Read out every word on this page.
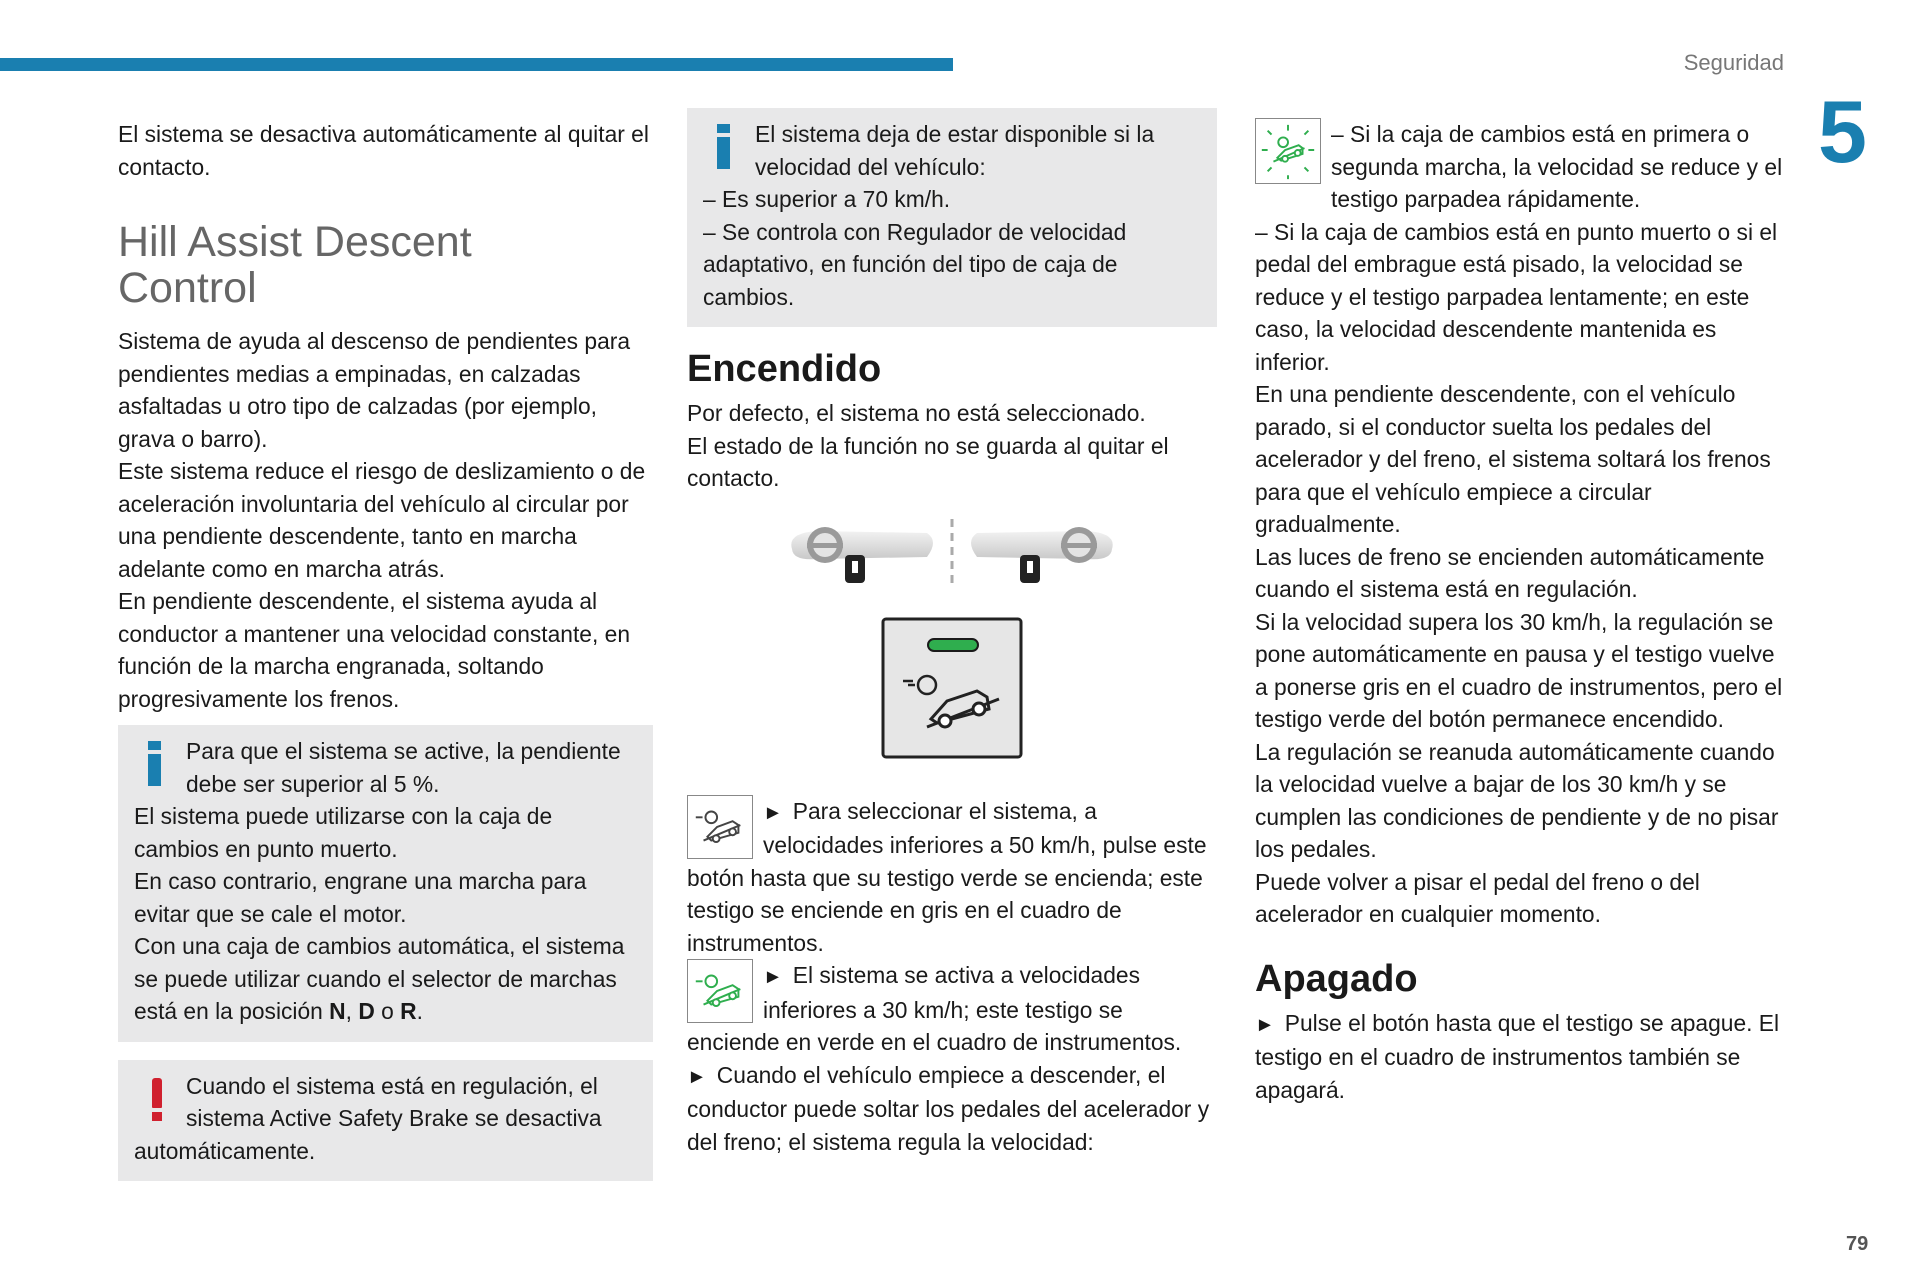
Seguridad
5
79

El sistema se desactiva automáticamente al quitar el contacto.

Hill Assist Descent
Control

Sistema de ayuda al descenso de pendientes para pendientes medias a empinadas, en calzadas asfaltadas u otro tipo de calzadas (por ejemplo, grava o barro).

Este sistema reduce el riesgo de deslizamiento o de aceleración involuntaria del vehículo al circular por una pendiente descendente, tanto en marcha adelante como en marcha atrás.

En pendiente descendente, el sistema ayuda al conductor a mantener una velocidad constante, en función de la marcha engranada, soltando progresivamente los frenos.

Para que el sistema se active, la pendiente debe ser superior al 5 %.

El sistema puede utilizarse con la caja de cambios en punto muerto.

En caso contrario, engrane una marcha para evitar que se cale el motor.

Con una caja de cambios automática, el sistema se puede utilizar cuando el selector de marchas está en la posición N, D o R.

Cuando el sistema está en regulación, el sistema Active Safety Brake se desactiva automáticamente.

El sistema deja de estar disponible si la velocidad del vehículo:

– Es superior a 70 km/h.

– Se controla con Regulador de velocidad adaptativo, en función del tipo de caja de cambios.

Encendido

Por defecto, el sistema no está seleccionado.

El estado de la función no se guarda al quitar el contacto.

► Para seleccionar el sistema, a velocidades inferiores a 50 km/h, pulse este botón hasta que su testigo verde se encienda; este testigo se enciende en gris en el cuadro de instrumentos.

► El sistema se activa a velocidades inferiores a 30 km/h; este testigo se enciende en verde en el cuadro de instrumentos.

► Cuando el vehículo empiece a descender, el conductor puede soltar los pedales del acelerador y del freno; el sistema regula la velocidad:

– Si la caja de cambios está en primera o segunda marcha, la velocidad se reduce y el testigo parpadea rápidamente.

– Si la caja de cambios está en punto muerto o si el pedal del embrague está pisado, la velocidad se reduce y el testigo parpadea lentamente; en este caso, la velocidad descendente mantenida es inferior.

En una pendiente descendente, con el vehículo parado, si el conductor suelta los pedales del acelerador y del freno, el sistema soltará los frenos para que el vehículo empiece a circular gradualmente.

Las luces de freno se encienden automáticamente cuando el sistema está en regulación.

Si la velocidad supera los 30 km/h, la regulación se pone automáticamente en pausa y el testigo vuelve a ponerse gris en el cuadro de instrumentos, pero el testigo verde del botón permanece encendido.

La regulación se reanuda automáticamente cuando la velocidad vuelve a bajar de los 30 km/h y se cumplen las condiciones de pendiente y de no pisar los pedales.

Puede volver a pisar el pedal del freno o del acelerador en cualquier momento.

Apagado

► Pulse el botón hasta que el testigo se apague. El testigo en el cuadro de instrumentos también se apagará.
